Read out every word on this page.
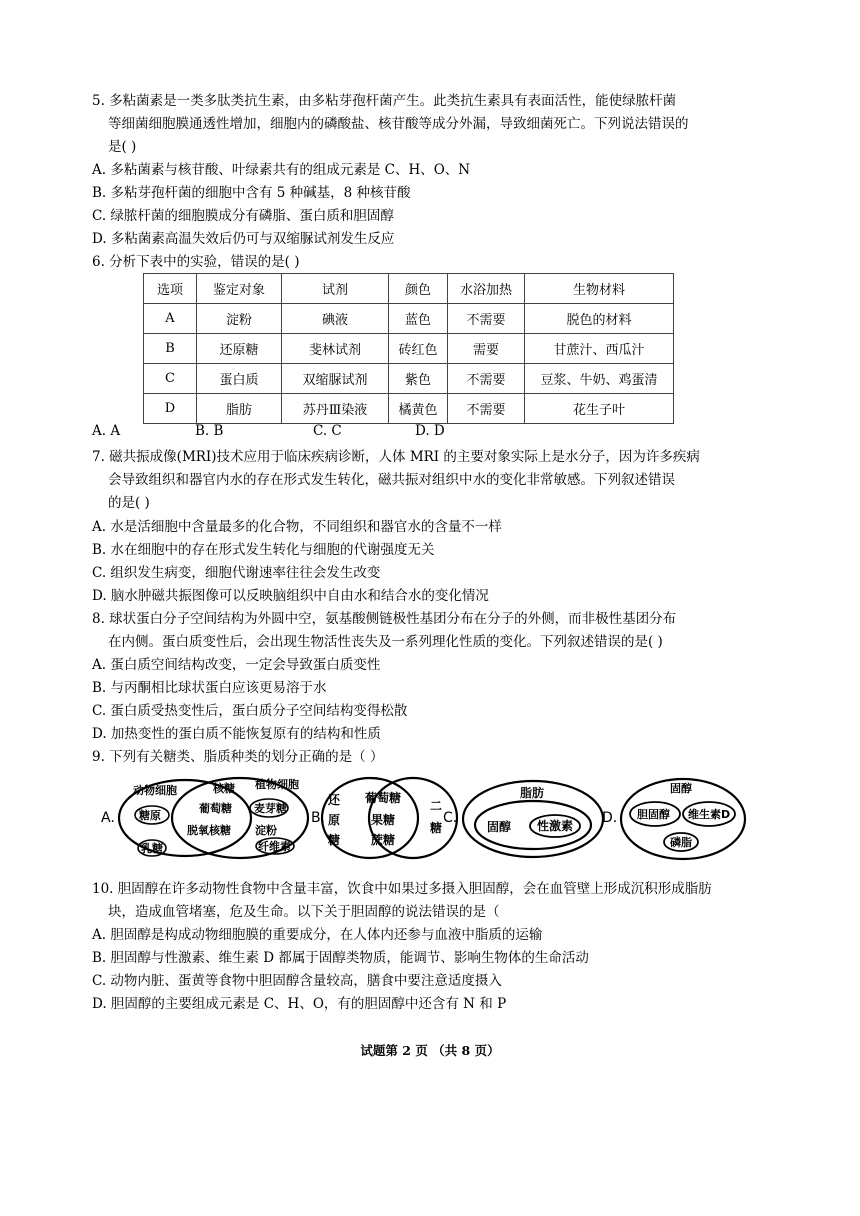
5. 多粘菌素是一类多肽类抗生素，由多粘芽孢杆菌产生。此类抗生素具有表面活性，能使绿脓杆菌
等细菌细胞膜通透性增加，细胞内的磷酸盐、核苷酸等成分外漏，导致细菌死亡。下列说法错误的
是( )
A. 多粘菌素与核苷酸、叶绿素共有的组成元素是 C、H、O、N
B. 多粘芽孢杆菌的细胞中含有 5 种碱基，8 种核苷酸
C. 绿脓杆菌的细胞膜成分有磷脂、蛋白质和胆固醇
D. 多粘菌素高温失效后仍可与双缩脲试剂发生反应
6. 分析下表中的实验，错误的是( )
选项	鉴定对象	试剂	颜色	水浴加热	生物材料
A	淀粉	碘液	蓝色	不需要	脱色的材料
B	还原糖	斐林试剂	砖红色	需要	甘蔗汁、西瓜汁
C	蛋白质	双缩脲试剂	紫色	不需要	豆浆、牛奶、鸡蛋清
D	脂肪	苏丹Ⅲ染液	橘黄色	不需要	花生子叶
A. A	B. B	C. C	D. D
7. 磁共振成像(MRI)技术应用于临床疾病诊断，人体 MRI 的主要对象实际上是水分子，因为许多疾病
会导致组织和器官内水的存在形式发生转化，磁共振对组织中水的变化非常敏感。下列叙述错误
的是( )
A. 水是活细胞中含量最多的化合物，不同组织和器官水的含量不一样
B. 水在细胞中的存在形式发生转化与细胞的代谢强度无关
C. 组织发生病变，细胞代谢速率往往会发生改变
D. 脑水肿磁共振图像可以反映脑组织中自由水和结合水的变化情况
8. 球状蛋白分子空间结构为外圆中空，氨基酸侧链极性基团分布在分子的外侧，而非极性基团分布
在内侧。蛋白质变性后，会出现生物活性丧失及一系列理化性质的变化。下列叙述错误的是( )
A. 蛋白质空间结构改变，一定会导致蛋白质变性
B. 与丙酮相比球状蛋白应该更易溶于水
C. 蛋白质受热变性后，蛋白质分子空间结构变得松散
D. 加热变性的蛋白质不能恢复原有的结构和性质
9. 下列有关糖类、脂质种类的划分正确的是（ ）
A.
动物细胞	核糖 植物细胞
糖原
葡萄糖 麦芽糖
脱氧核糖 淀粉
乳糖	纤维素
B.
还
原
糖
葡萄糖
果糖
蔗糖
二
糖
C.
脂肪
固醇 性激素 D.
固醇
胆固醇 维生素D
磷脂
10. 胆固醇在许多动物性食物中含量丰富，饮食中如果过多摄入胆固醇，会在血管壁上形成沉积形成脂肪
块，造成血管堵塞，危及生命。以下关于胆固醇的说法错误的是（
A. 胆固醇是构成动物细胞膜的重要成分，在人体内还参与血液中脂质的运输
B. 胆固醇与性激素、维生素 D 都属于固醇类物质，能调节、影响生物体的生命活动
C. 动物内脏、蛋黄等食物中胆固醇含量较高，膳食中要注意适度摄入
D. 胆固醇的主要组成元素是 C、H、O，有的胆固醇中还含有 N 和 P
试题第 2 页 （共 8 页）
